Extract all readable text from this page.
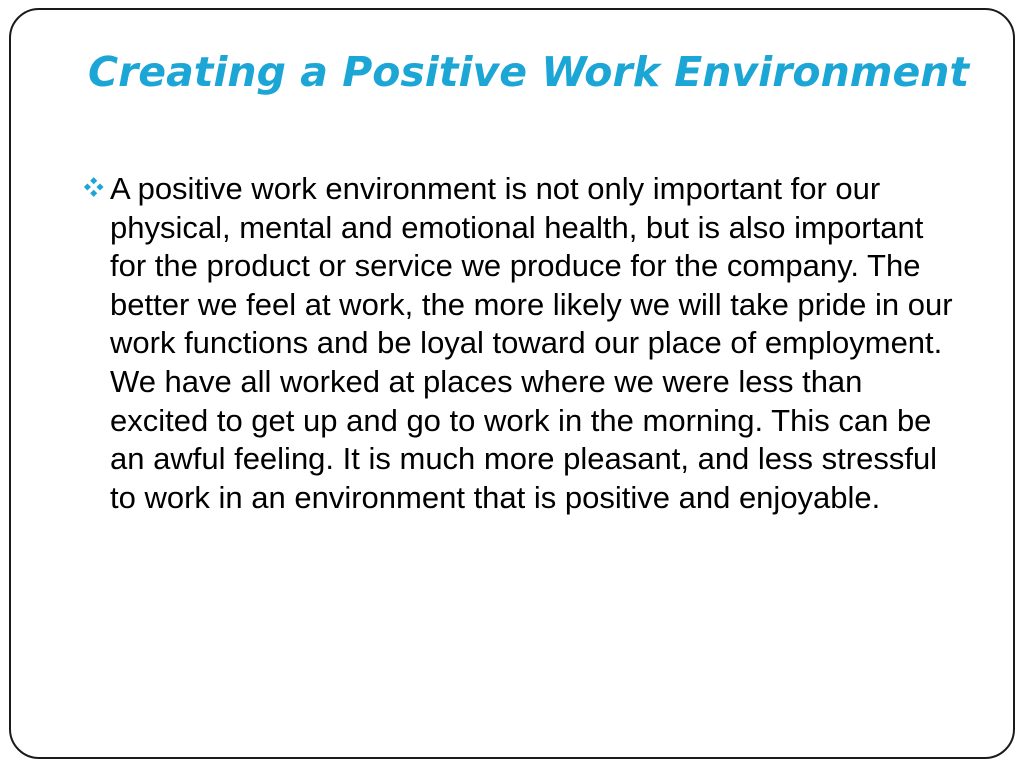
Creating a Positive Work Environment

A positive work environment is not only important for our physical, mental and emotional health, but is also important for the product or service we produce for the company. The better we feel at work, the more likely we will take pride in our work functions and be loyal toward our place of employment. We have all worked at places where we were less than excited to get up and go to work in the morning. This can be an awful feeling. It is much more pleasant, and less stressful to work in an environment that is positive and enjoyable.
